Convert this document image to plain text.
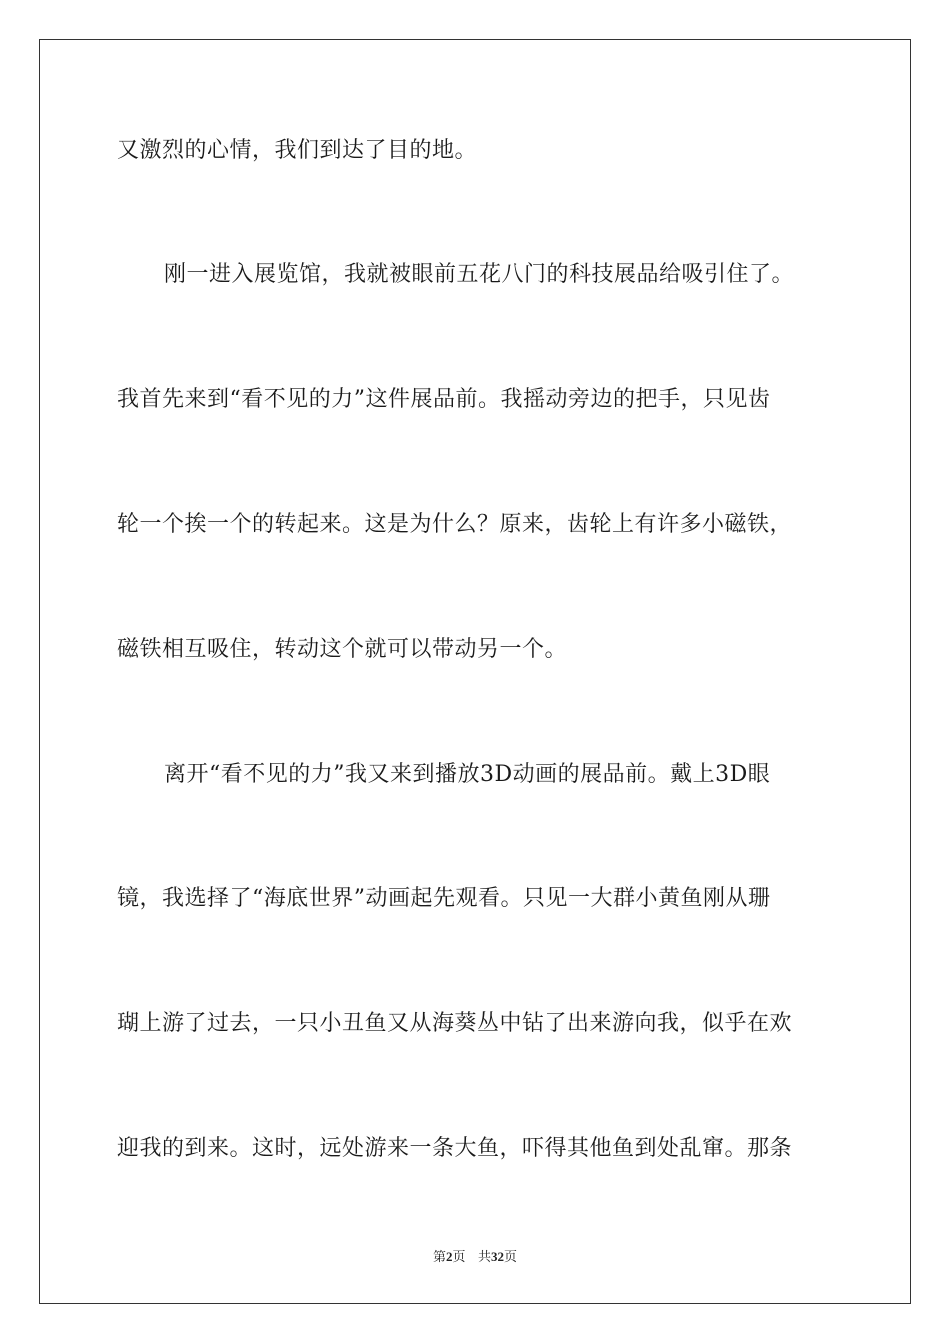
又激烈的心情，我们到达了目的地。
刚一进入展览馆，我就被眼前五花八门的科技展品给吸引住了。
我首先来到“看不见的力”这件展品前。我摇动旁边的把手，只见齿
轮一个挨一个的转起来。这是为什么？原来，齿轮上有许多小磁铁，
磁铁相互吸住，转动这个就可以带动另一个。
离开“看不见的力”我又来到播放3D动画的展品前。戴上3D眼
镜，我选择了“海底世界”动画起先观看。只见一大群小黄鱼刚从珊
瑚上游了过去，一只小丑鱼又从海葵丛中钻了出来游向我，似乎在欢
迎我的到来。这时，远处游来一条大鱼，吓得其他鱼到处乱窜。那条
第2页 共32页
